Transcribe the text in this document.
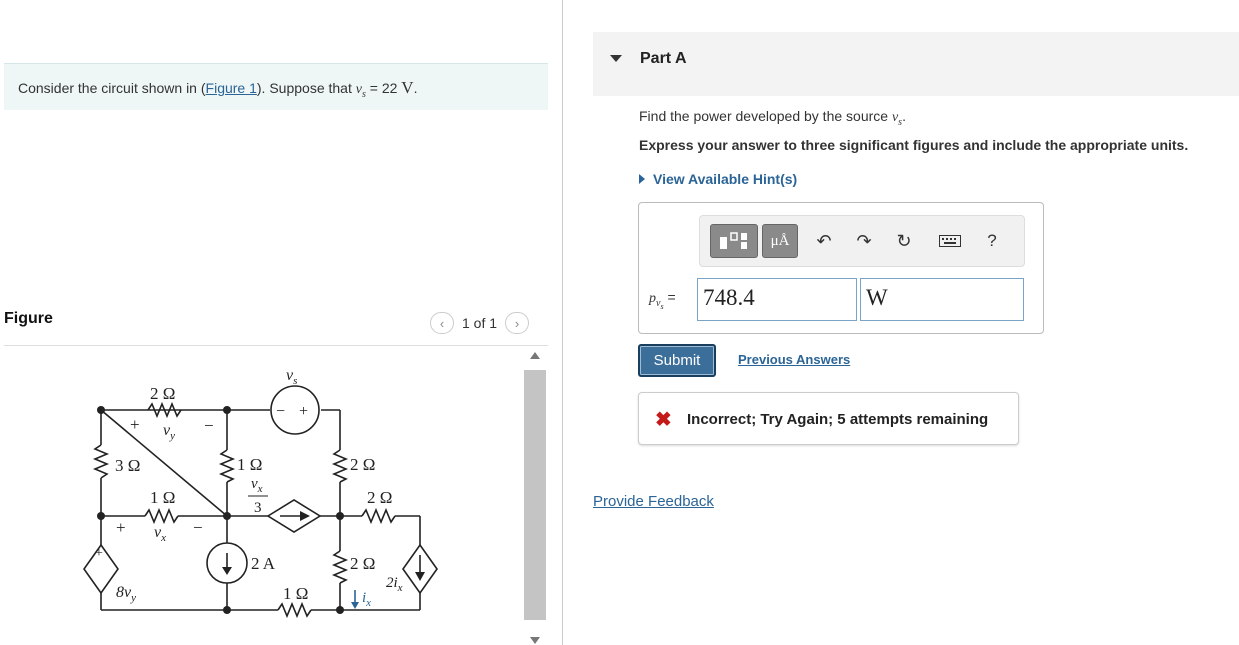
Consider the circuit shown in (Figure 1). Suppose that $v_s = 22$ V.
Figure	‹	1 of 1	›
2 Ω
+ $v_y$
−
3 Ω	1 Ω
1 Ω
+ $v_x$
−
$8v_y$
+
$v_s$
− +
$v_x$
3
2 A
2 Ω
2 Ω
2 Ω
1 Ω	$i_x$
$2i_x$
Part A
Find the power developed by the source $v_s$.
Express your answer to three significant figures and include the appropriate units.
View Available Hint(s)
μÅ	↶	↷	↻	?
$p_{v_s} = 748.4$	W
Submit	Previous Answers
✖ Incorrect; Try Again; 5 attempts remaining
Provide Feedback
